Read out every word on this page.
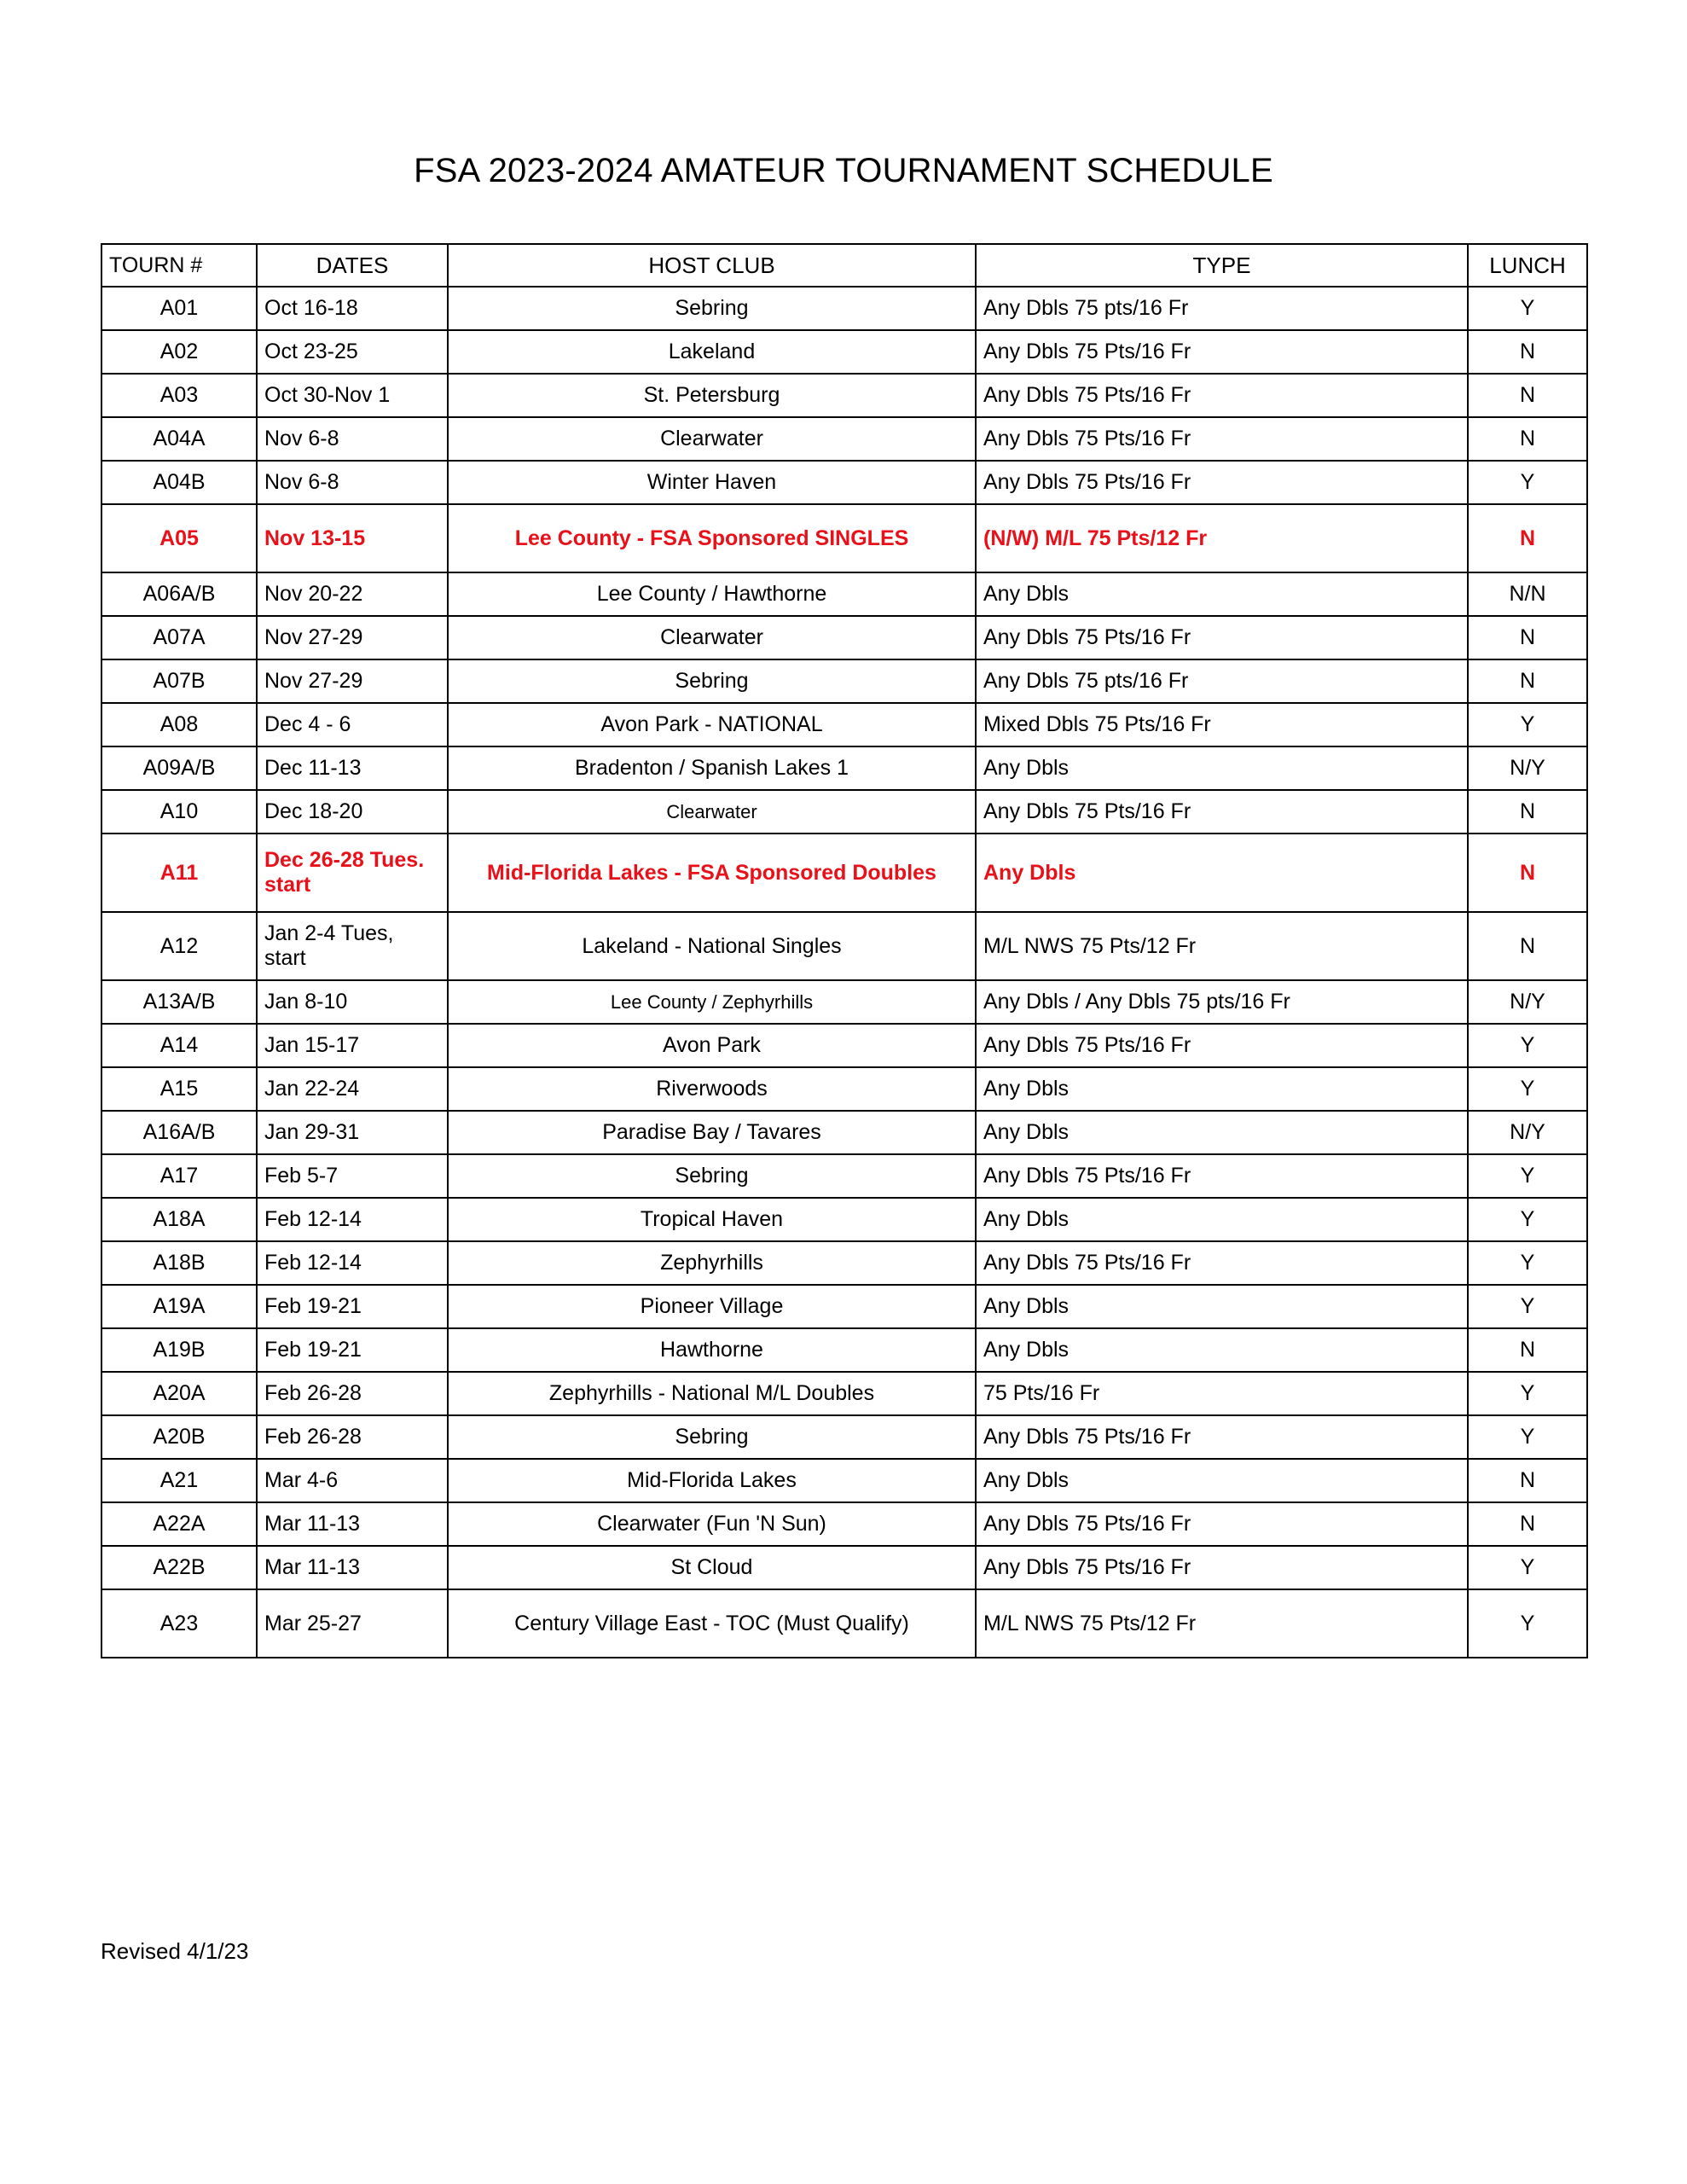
FSA 2023-2024 AMATEUR TOURNAMENT SCHEDULE
TOURN #	DATES	HOST CLUB	TYPE	LUNCH
A01	Oct 16-18	Sebring	Any Dbls 75 pts/16 Fr	Y
A02	Oct 23-25	Lakeland	Any Dbls 75 Pts/16 Fr	N
A03	Oct 30-Nov 1	St. Petersburg	Any Dbls 75 Pts/16 Fr	N
A04A	Nov 6-8	Clearwater	Any Dbls 75 Pts/16 Fr	N
A04B	Nov 6-8	Winter Haven	Any Dbls 75 Pts/16 Fr	Y
A05	Nov 13-15	Lee County - FSA Sponsored SINGLES	(N/W) M/L 75 Pts/12 Fr	N
A06A/B	Nov 20-22	Lee County / Hawthorne	Any Dbls	N/N
A07A	Nov 27-29	Clearwater	Any Dbls 75 Pts/16 Fr	N
A07B	Nov 27-29	Sebring	Any Dbls 75 pts/16 Fr	N
A08	Dec 4 - 6	Avon Park - NATIONAL	Mixed Dbls 75 Pts/16 Fr	Y
A09A/B	Dec 11-13	Bradenton / Spanish Lakes 1	Any Dbls	N/Y
A10	Dec 18-20	Clearwater	Any Dbls 75 Pts/16 Fr	N
A11	Dec 26-28 Tues. start	Mid-Florida Lakes - FSA Sponsored Doubles	Any Dbls	N
A12	Jan 2-4 Tues, start	Lakeland - National Singles	M/L NWS 75 Pts/12 Fr	N
A13A/B	Jan 8-10	Lee County / Zephyrhills	Any Dbls / Any Dbls 75 pts/16 Fr	N/Y
A14	Jan 15-17	Avon Park	Any Dbls 75 Pts/16 Fr	Y
A15	Jan 22-24	Riverwoods	Any Dbls	Y
A16A/B	Jan 29-31	Paradise Bay / Tavares	Any Dbls	N/Y
A17	Feb 5-7	Sebring	Any Dbls 75 Pts/16 Fr	Y
A18A	Feb 12-14	Tropical Haven	Any Dbls	Y
A18B	Feb 12-14	Zephyrhills	Any Dbls 75 Pts/16 Fr	Y
A19A	Feb 19-21	Pioneer Village	Any Dbls	Y
A19B	Feb 19-21	Hawthorne	Any Dbls	N
A20A	Feb 26-28	Zephyrhills - National M/L Doubles	75 Pts/16 Fr	Y
A20B	Feb 26-28	Sebring	Any Dbls 75 Pts/16 Fr	Y
A21	Mar 4-6	Mid-Florida Lakes	Any Dbls	N
A22A	Mar 11-13	Clearwater (Fun 'N Sun)	Any Dbls 75 Pts/16 Fr	N
A22B	Mar 11-13	St Cloud	Any Dbls 75 Pts/16 Fr	Y
A23	Mar 25-27	Century Village East - TOC (Must Qualify)	M/L NWS 75 Pts/12 Fr	Y
Revised 4/1/23
